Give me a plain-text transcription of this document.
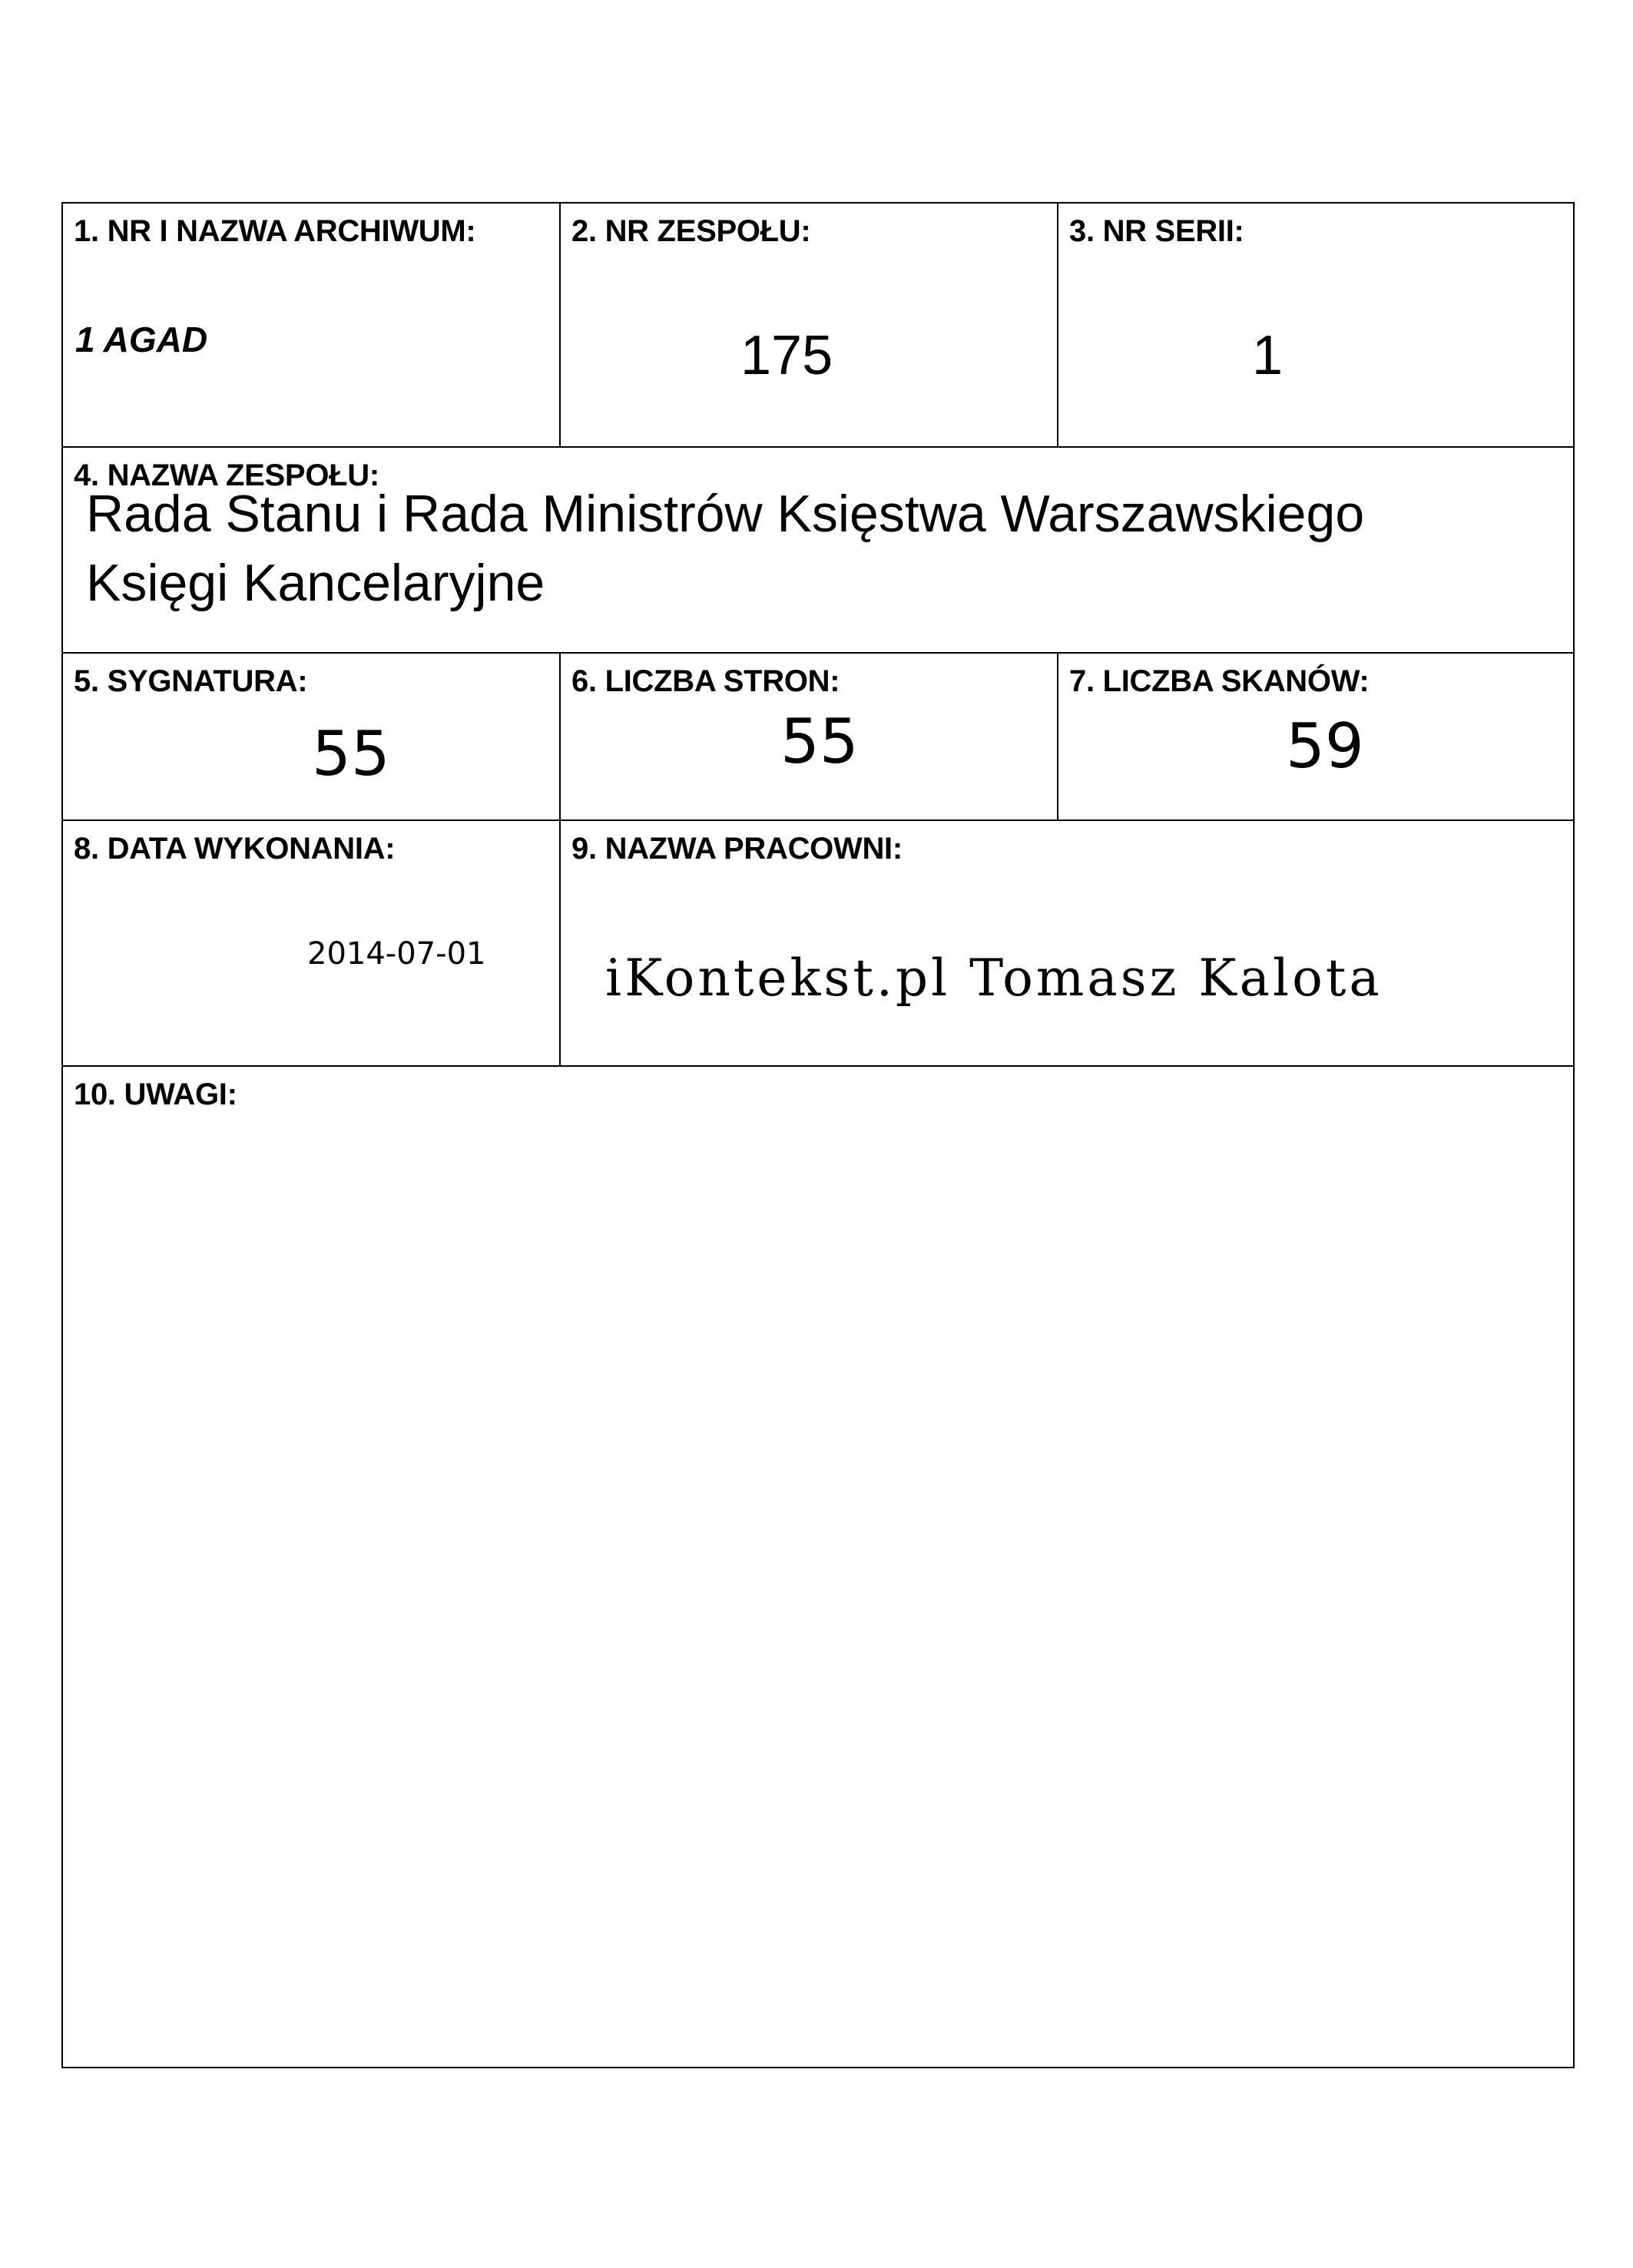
1. NR I NAZWA ARCHIWUM:
1 AGAD
2. NR ZESPOŁU:
175
3. NR SERII:
1
4. NAZWA ZESPOŁU:
Rada Stanu i Rada Ministrów Księstwa Warszawskiego
Księgi Kancelaryjne
5. SYGNATURA:
55
6. LICZBA STRON:
55
7. LICZBA SKANÓW:
59
8. DATA WYKONANIA:
2014-07-01
9. NAZWA PRACOWNI:
iKontekst.pl Tomasz Kalota
10. UWAGI:
